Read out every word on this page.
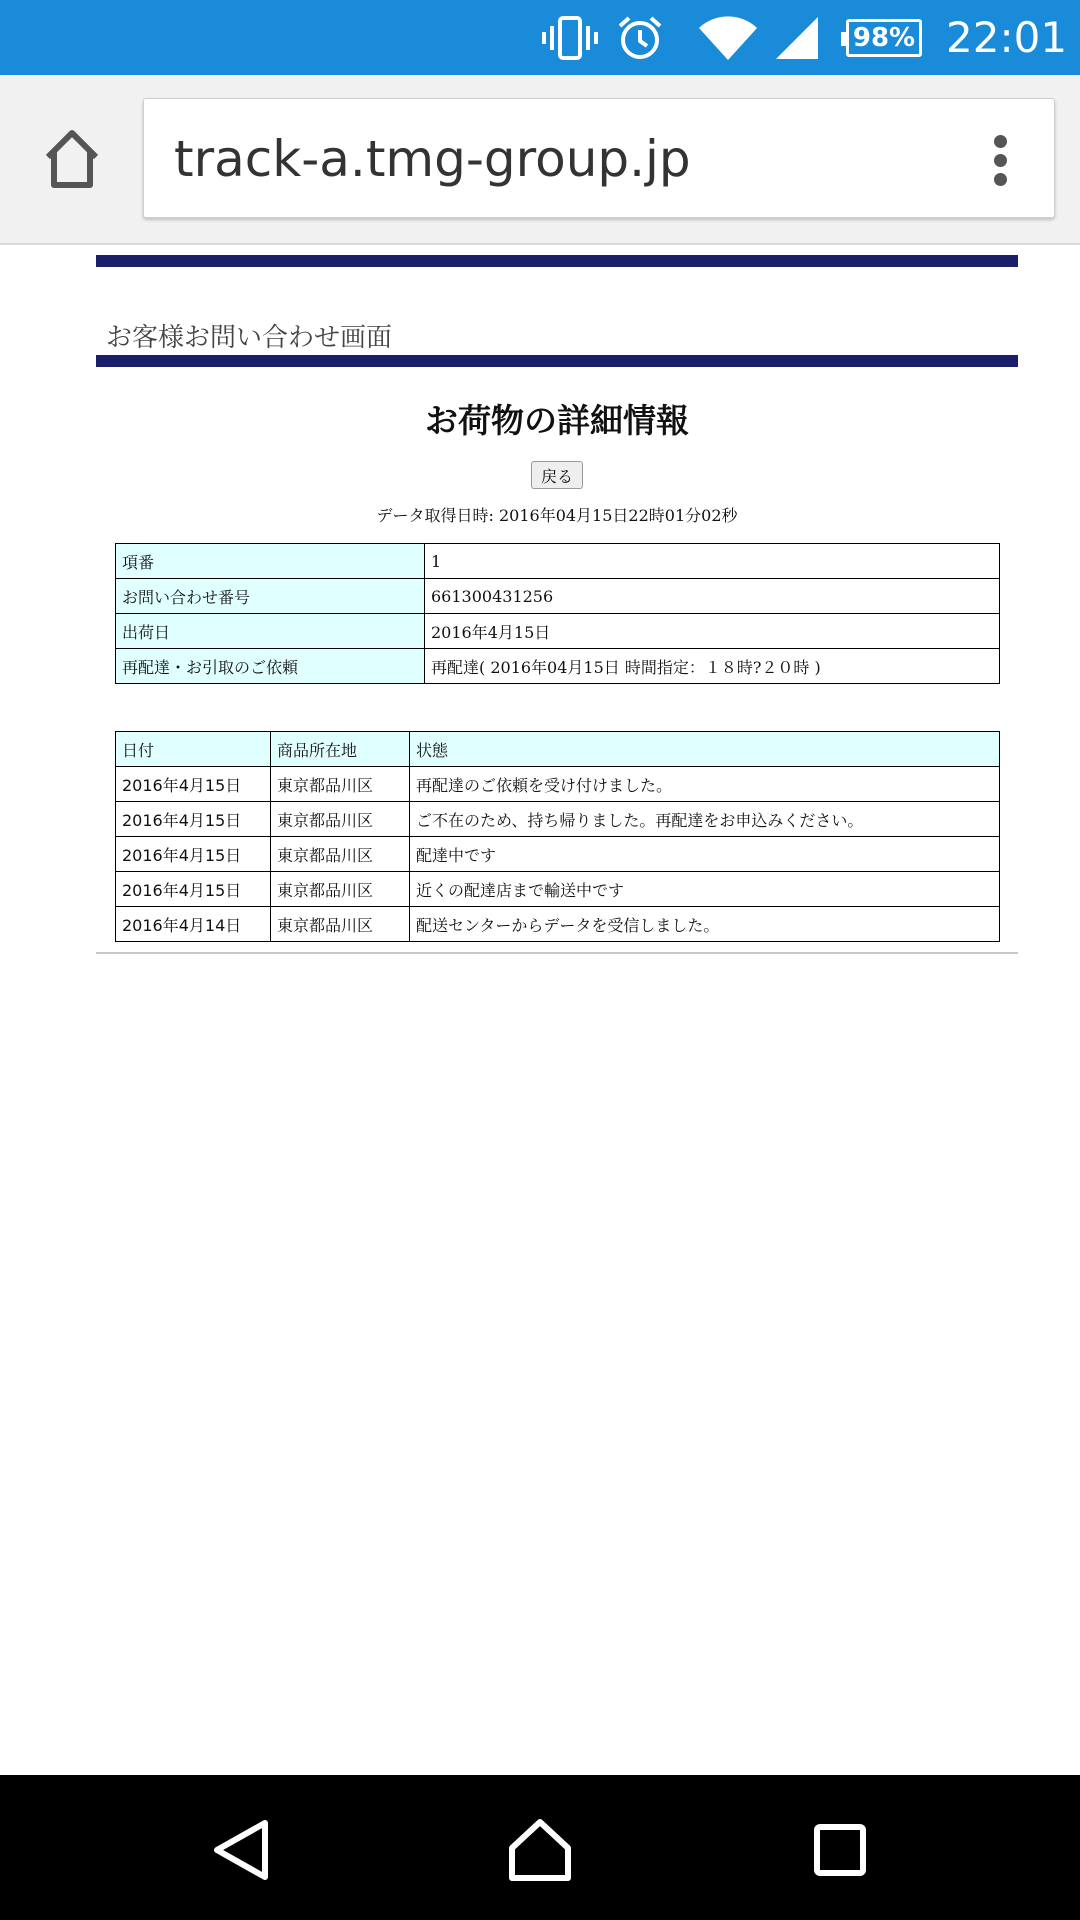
98% 22:01
track-a.tmg-group.jp
お客様お問い合わせ画面
お荷物の詳細情報
戻る
データ取得日時: 2016年04月15日22時01分02秒
項番	1
お問い合わせ番号	661300431256
出荷日	2016年4月15日
再配達・お引取のご依頼	再配達( 2016年04月15日 時間指定：１８時?２０時 )
日付	商品所在地	状態
2016年4月15日	東京都品川区	再配達のご依頼を受け付けました。
2016年4月15日	東京都品川区	ご不在のため、持ち帰りました。再配達をお申込みください。
2016年4月15日	東京都品川区	配達中です
2016年4月15日	東京都品川区	近くの配達店まで輸送中です
2016年4月14日	東京都品川区	配送センターからデータを受信しました。
